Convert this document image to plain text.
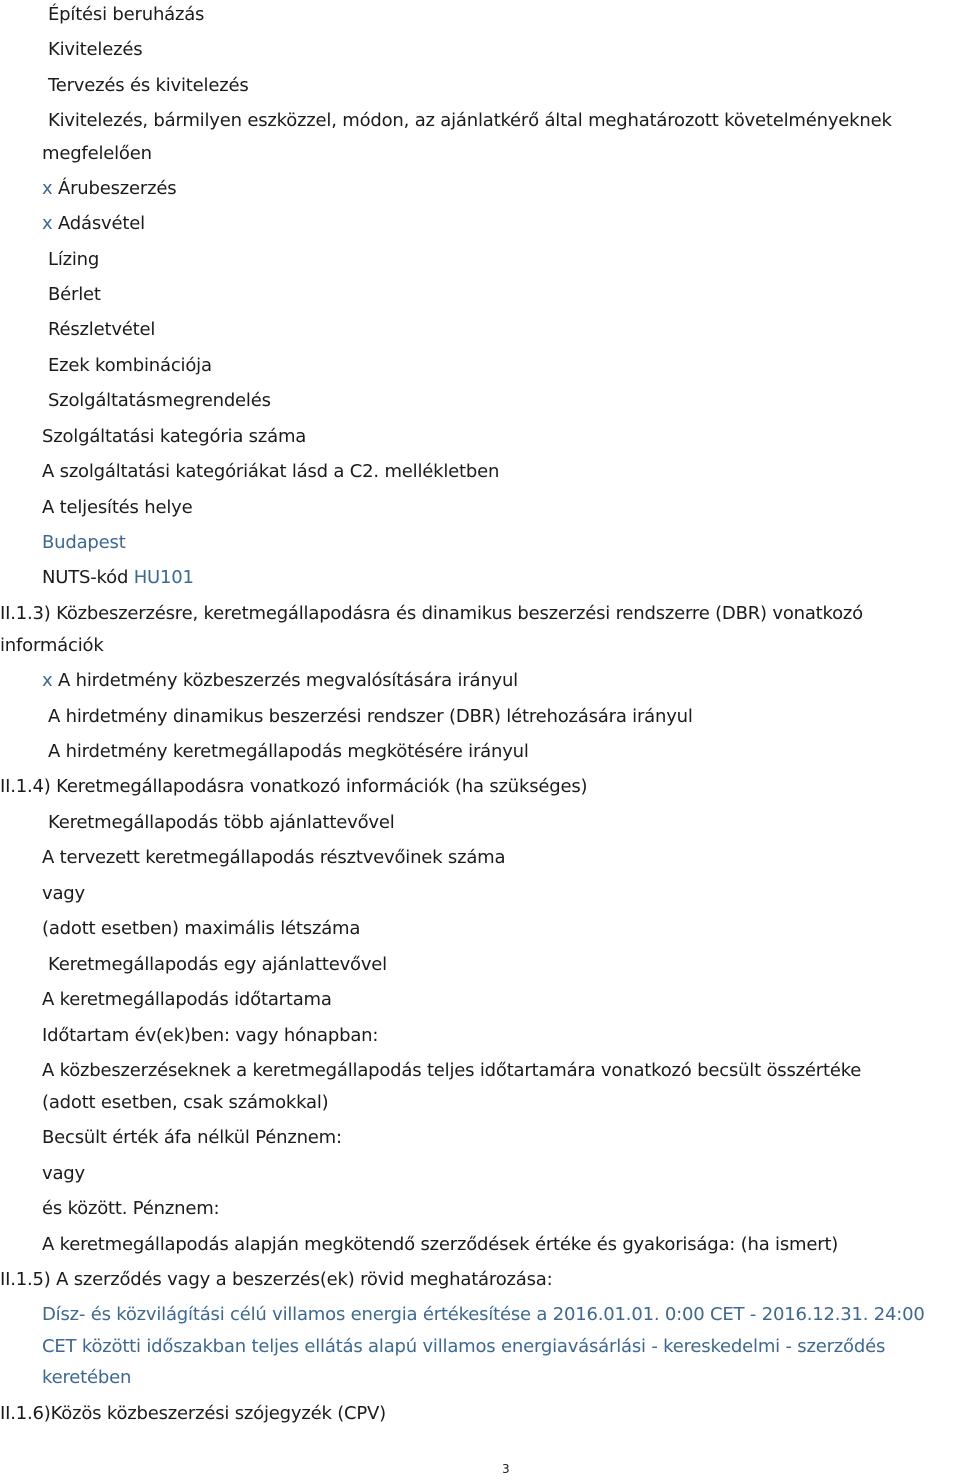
Építési beruházás
Kivitelezés
Tervezés és kivitelezés
Kivitelezés, bármilyen eszközzel, módon, az ajánlatkérő által meghatározott követelményeknek
megfelelően
x Árubeszerzés
x Adásvétel
Lízing
Bérlet
Részletvétel
Ezek kombinációja
Szolgáltatásmegrendelés
Szolgáltatási kategória száma
A szolgáltatási kategóriákat lásd a C2. mellékletben
A teljesítés helye
Budapest
NUTS-kód HU101
II.1.3) Közbeszerzésre, keretmegállapodásra és dinamikus beszerzési rendszerre (DBR) vonatkozó
információk
x A hirdetmény közbeszerzés megvalósítására irányul
A hirdetmény dinamikus beszerzési rendszer (DBR) létrehozására irányul
A hirdetmény keretmegállapodás megkötésére irányul
II.1.4) Keretmegállapodásra vonatkozó információk (ha szükséges)
Keretmegállapodás több ajánlattevővel
A tervezett keretmegállapodás résztvevőinek száma
vagy
(adott esetben) maximális létszáma
Keretmegállapodás egy ajánlattevővel
A keretmegállapodás időtartama
Időtartam év(ek)ben: vagy hónapban:
A közbeszerzéseknek a keretmegállapodás teljes időtartamára vonatkozó becsült összértéke
(adott esetben, csak számokkal)
Becsült érték áfa nélkül Pénznem:
vagy
és között. Pénznem:
A keretmegállapodás alapján megkötendő szerződések értéke és gyakorisága: (ha ismert)
II.1.5) A szerződés vagy a beszerzés(ek) rövid meghatározása:
Dísz- és közvilágítási célú villamos energia értékesítése a 2016.01.01. 0:00 CET - 2016.12.31. 24:00
CET közötti időszakban teljes ellátás alapú villamos energiavásárlási - kereskedelmi - szerződés
keretében
II.1.6)Közös közbeszerzési szójegyzék (CPV)
3
